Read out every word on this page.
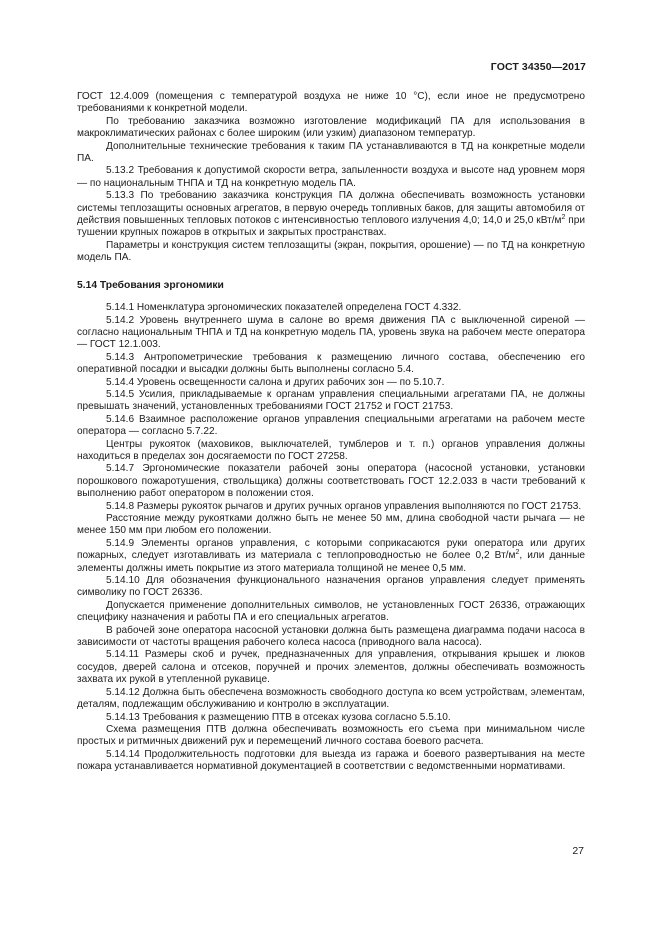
ГОСТ 34350—2017

ГОСТ 12.4.009 (помещения с температурой воздуха не ниже 10 °С), если иное не предусмотрено требованиями к конкретной модели.

По требованию заказчика возможно изготовление модификаций ПА для использования в макроклиматических районах с более широким (или узким) диапазоном температур.

Дополнительные технические требования к таким ПА устанавливаются в ТД на конкретные модели ПА.

5.13.2 Требования к допустимой скорости ветра, запыленности воздуха и высоте над уровнем моря — по национальным ТНПА и ТД на конкретную модель ПА.

5.13.3 По требованию заказчика конструкция ПА должна обеспечивать возможность установки системы теплозащиты основных агрегатов, в первую очередь топливных баков, для защиты автомобиля от действия повышенных тепловых потоков с интенсивностью теплового излучения 4,0; 14,0 и 25,0 кВт/$м^2$ при тушении крупных пожаров в открытых и закрытых пространствах.

Параметры и конструкция систем теплозащиты (экран, покрытия, орошение) — по ТД на конкретную модель ПА.

5.14 Требования эргономики

5.14.1 Номенклатура эргономических показателей определена ГОСТ 4.332.

5.14.2 Уровень внутреннего шума в салоне во время движения ПА с выключенной сиреной — согласно национальным ТНПА и ТД на конкретную модель ПА, уровень звука на рабочем месте оператора — ГОСТ 12.1.003.

5.14.3 Антропометрические требования к размещению личного состава, обеспечению его оперативной посадки и высадки должны быть выполнены согласно 5.4.

5.14.4 Уровень освещенности салона и других рабочих зон — по 5.10.7.

5.14.5 Усилия, прикладываемые к органам управления специальными агрегатами ПА, не должны превышать значений, установленных требованиями ГОСТ 21752 и ГОСТ 21753.

5.14.6 Взаимное расположение органов управления специальными агрегатами на рабочем месте оператора — согласно 5.7.22.

Центры рукояток (маховиков, выключателей, тумблеров и т. п.) органов управления должны находиться в пределах зон досягаемости по ГОСТ 27258.

5.14.7 Эргономические показатели рабочей зоны оператора (насосной установки, установки порошкового пожаротушения, ствольщика) должны соответствовать ГОСТ 12.2.033 в части требований к выполнению работ оператором в положении стоя.

5.14.8 Размеры рукояток рычагов и других ручных органов управления выполняются по ГОСТ 21753.

Расстояние между рукоятками должно быть не менее 50 мм, длина свободной части рычага — не менее 150 мм при любом его положении.

5.14.9 Элементы органов управления, с которыми соприкасаются руки оператора или других пожарных, следует изготавливать из материала с теплопроводностью не более 0,2 $Вт/м^2$, или данные элементы должны иметь покрытие из этого материала толщиной не менее 0,5 мм.

5.14.10 Для обозначения функционального назначения органов управления следует применять символику по ГОСТ 26336.

Допускается применение дополнительных символов, не установленных ГОСТ 26336, отражающих специфику назначения и работы ПА и его специальных агрегатов.

В рабочей зоне оператора насосной установки должна быть размещена диаграмма подачи насоса в зависимости от частоты вращения рабочего колеса насоса (приводного вала насоса).

5.14.11 Размеры скоб и ручек, предназначенных для управления, открывания крышек и люков сосудов, дверей салона и отсеков, поручней и прочих элементов, должны обеспечивать возможность захвата их рукой в утепленной рукавице.

5.14.12 Должна быть обеспечена возможность свободного доступа ко всем устройствам, элементам, деталям, подлежащим обслуживанию и контролю в эксплуатации.

5.14.13 Требования к размещению ПТВ в отсеках кузова согласно 5.5.10.

Схема размещения ПТВ должна обеспечивать возможность его съема при минимальном числе простых и ритмичных движений рук и перемещений личного состава боевого расчета.

5.14.14 Продолжительность подготовки для выезда из гаража и боевого развертывания на месте пожара устанавливается нормативной документацией в соответствии с ведомственными нормативами.

27
